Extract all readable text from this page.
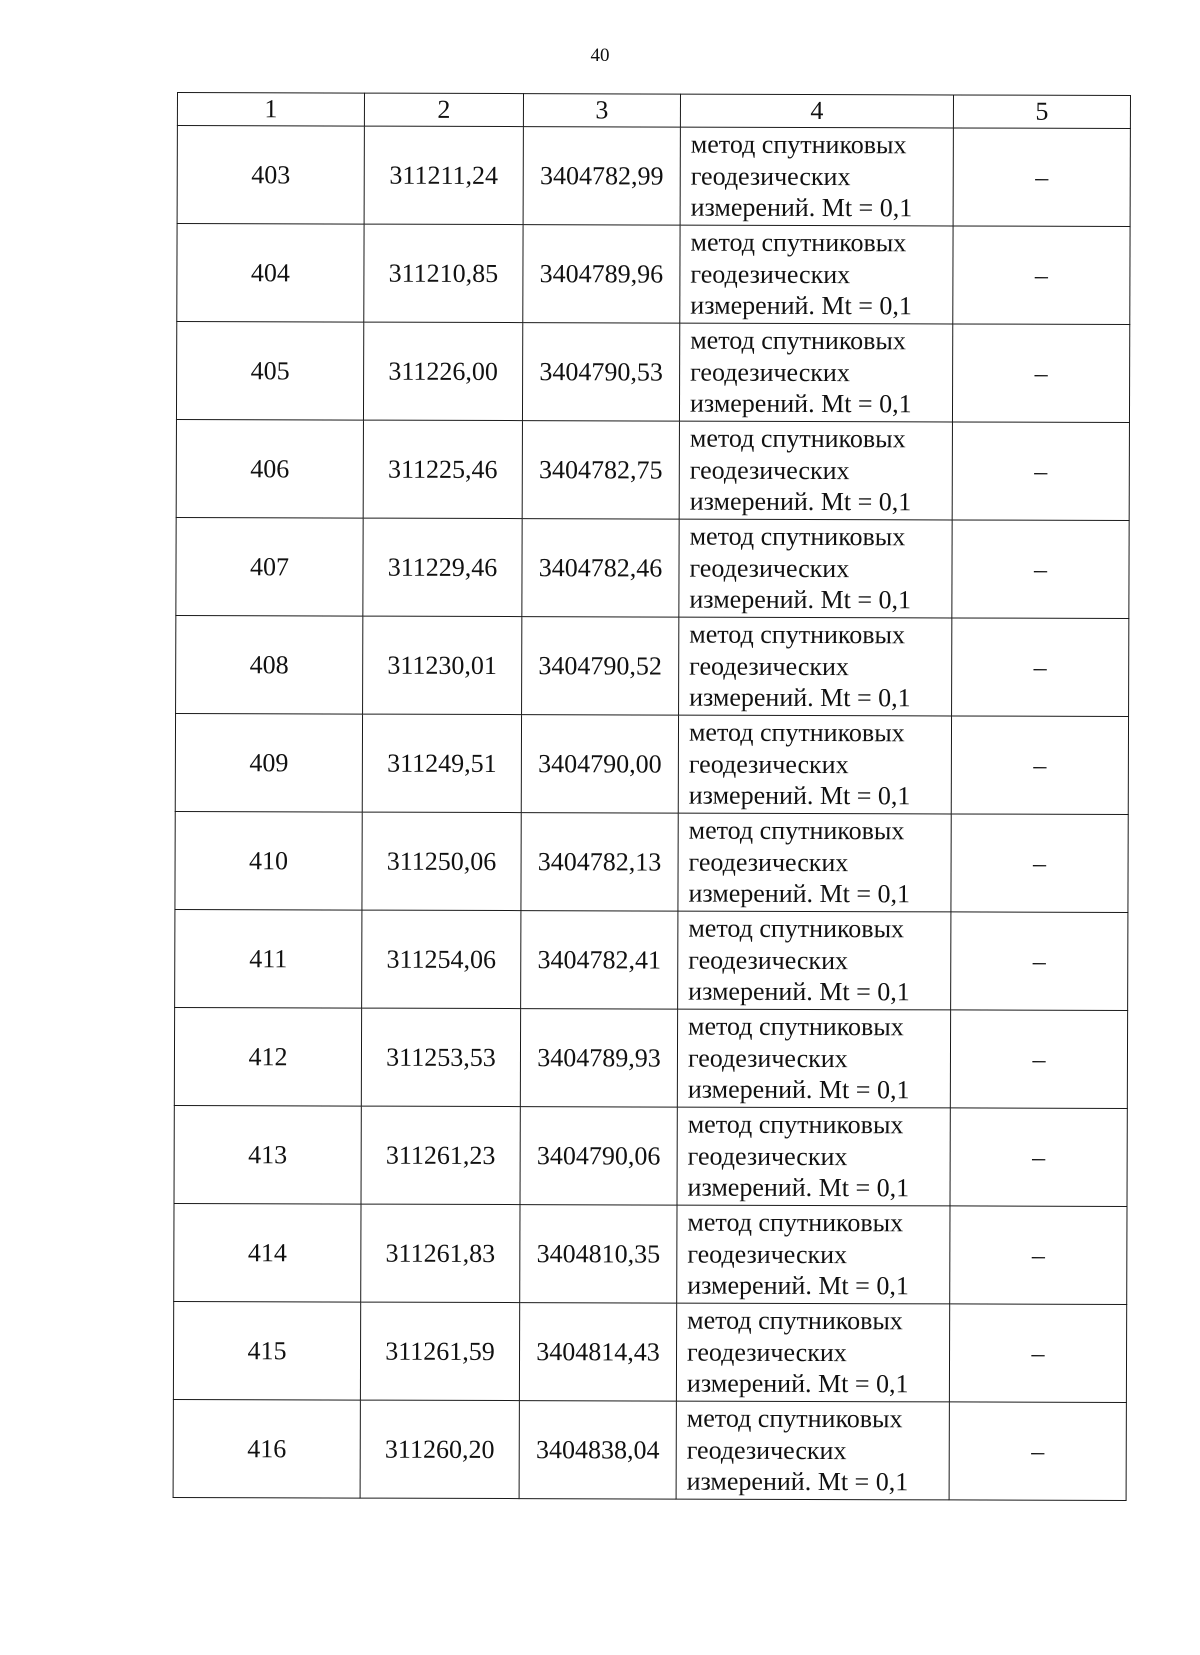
40
1	2	3	4	5
403	311211,24	3404782,99	метод спутниковых
геодезических
измерений. Mt = 0,1	–
404	311210,85	3404789,96	метод спутниковых
геодезических
измерений. Mt = 0,1	–
405	311226,00	3404790,53	метод спутниковых
геодезических
измерений. Mt = 0,1	–
406	311225,46	3404782,75	метод спутниковых
геодезических
измерений. Mt = 0,1	–
407	311229,46	3404782,46	метод спутниковых
геодезических
измерений. Mt = 0,1	–
408	311230,01	3404790,52	метод спутниковых
геодезических
измерений. Mt = 0,1	–
409	311249,51	3404790,00	метод спутниковых
геодезических
измерений. Mt = 0,1	–
410	311250,06	3404782,13	метод спутниковых
геодезических
измерений. Mt = 0,1	–
411	311254,06	3404782,41	метод спутниковых
геодезических
измерений. Mt = 0,1	–
412	311253,53	3404789,93	метод спутниковых
геодезических
измерений. Mt = 0,1	–
413	311261,23	3404790,06	метод спутниковых
геодезических
измерений. Mt = 0,1	–
414	311261,83	3404810,35	метод спутниковых
геодезических
измерений. Mt = 0,1	–
415	311261,59	3404814,43	метод спутниковых
геодезических
измерений. Mt = 0,1	–
416	311260,20	3404838,04	метод спутниковых
геодезических
измерений. Mt = 0,1	–
